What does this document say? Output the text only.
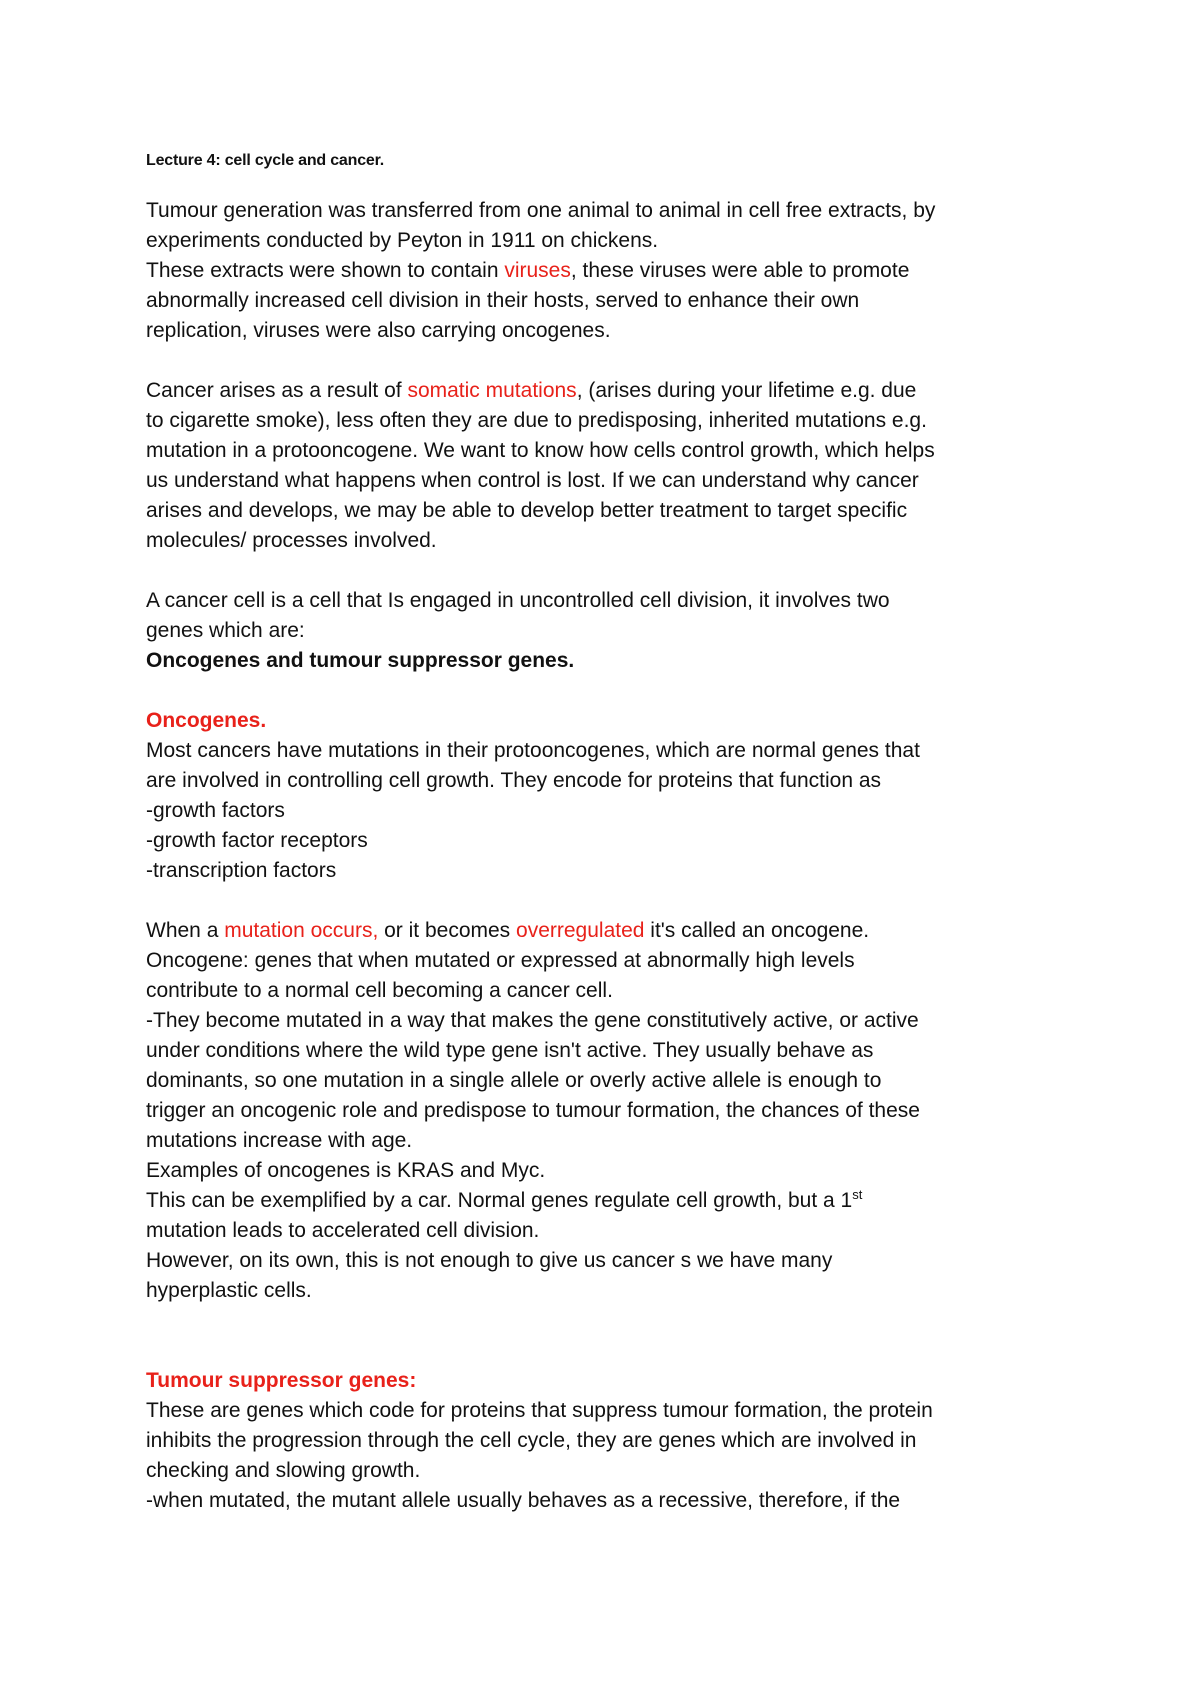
Lecture 4: cell cycle and cancer.
Tumour generation was transferred from one animal to animal in cell free extracts, by
experiments conducted by Peyton in 1911 on chickens.
These extracts were shown to contain viruses, these viruses were able to promote
abnormally increased cell division in their hosts, served to enhance their own
replication, viruses were also carrying oncogenes.
Cancer arises as a result of somatic mutations, (arises during your lifetime e.g. due
to cigarette smoke), less often they are due to predisposing, inherited mutations e.g.
mutation in a protooncogene. We want to know how cells control growth, which helps
us understand what happens when control is lost. If we can understand why cancer
arises and develops, we may be able to develop better treatment to target specific
molecules/ processes involved.
A cancer cell is a cell that Is engaged in uncontrolled cell division, it involves two
genes which are:
Oncogenes and tumour suppressor genes.
Oncogenes.
Most cancers have mutations in their protooncogenes, which are normal genes that
are involved in controlling cell growth. They encode for proteins that function as
-growth factors
-growth factor receptors
-transcription factors
When a mutation occurs, or it becomes overregulated it's called an oncogene.
Oncogene: genes that when mutated or expressed at abnormally high levels
contribute to a normal cell becoming a cancer cell.
-They become mutated in a way that makes the gene constitutively active, or active
under conditions where the wild type gene isn't active. They usually behave as
dominants, so one mutation in a single allele or overly active allele is enough to
trigger an oncogenic role and predispose to tumour formation, the chances of these
mutations increase with age.
Examples of oncogenes is KRAS and Myc.
This can be exemplified by a car. Normal genes regulate cell growth, but a 1st
mutation leads to accelerated cell division.
However, on its own, this is not enough to give us cancer s we have many
hyperplastic cells.
Tumour suppressor genes:
These are genes which code for proteins that suppress tumour formation, the protein
inhibits the progression through the cell cycle, they are genes which are involved in
checking and slowing growth.
-when mutated, the mutant allele usually behaves as a recessive, therefore, if the
